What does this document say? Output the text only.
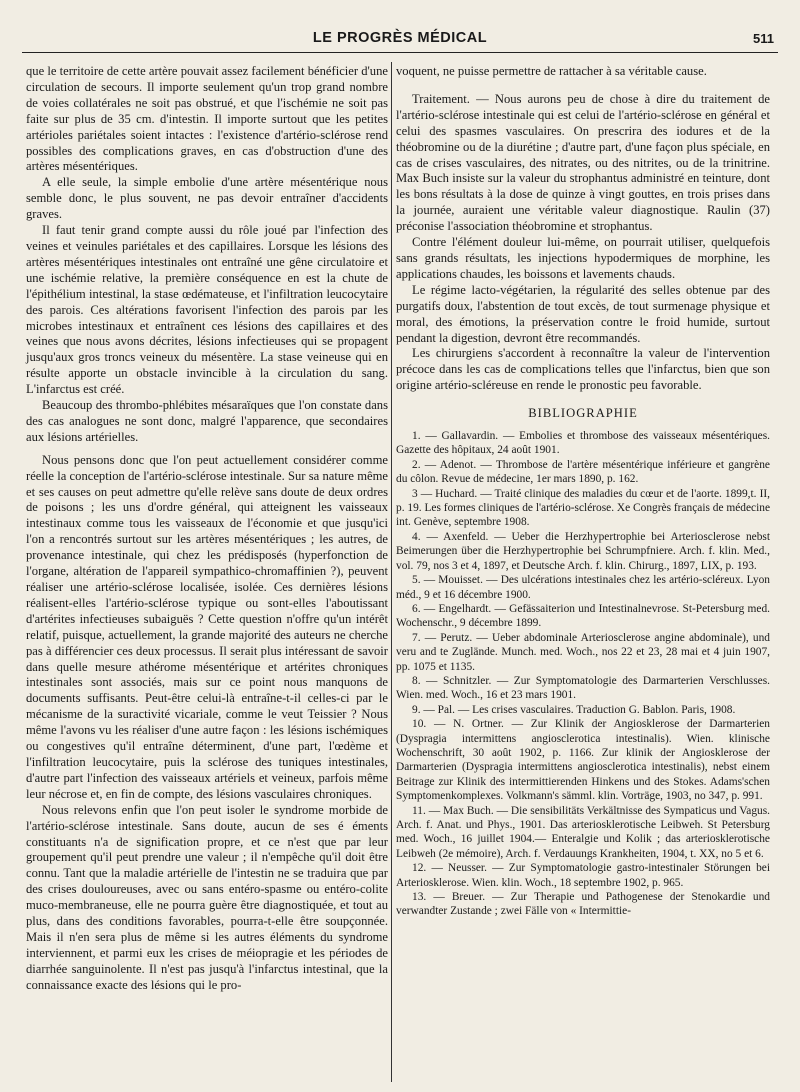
LE PROGRÈS MÉDICAL	511

que le territoire de cette artère pouvait assez facilement bénéficier d'une circulation de secours. Il importe seulement qu'un trop grand nombre de voies collatérales ne soit pas obstrué, et que l'ischémie ne soit pas faite sur plus de 35 cm. d'intestin. Il importe surtout que les petites artérioles pariétales soient intactes : l'existence d'artério-sclérose rend possibles des complications graves, en cas d'obstruction d'une des artères mésentériques.

A elle seule, la simple embolie d'une artère mésentérique nous semble donc, le plus souvent, ne pas devoir entraîner d'accidents graves.

Il faut tenir grand compte aussi du rôle joué par l'infection des veines et veinules pariétales et des capillaires. Lorsque les lésions des artères mésentériques intestinales ont entraîné une gêne circulatoire et une ischémie relative, la première conséquence en est la chute de l'épithélium intestinal, la stase œdémateuse, et l'infiltration leucocytaire des parois. Ces altérations favorisent l'infection des parois par les microbes intestinaux et entraînent ces lésions des capillaires et des veines que nous avons décrites, lésions infectieuses qui se propagent jusqu'aux gros troncs veineux du mésentère. La stase veineuse qui en résulte apporte un obstacle invincible à la circulation du sang. L'infarctus est créé.

Beaucoup des thrombo-phlébites mésaraïques que l'on constate dans des cas analogues ne sont donc, malgré l'apparence, que secondaires aux lésions artérielles.

Nous pensons donc que l'on peut actuellement considérer comme réelle la conception de l'artério-sclérose intestinale. Sur sa nature même et ses causes on peut admettre qu'elle relève sans doute de deux ordres de poisons ; les uns d'ordre général, qui atteignent les vaisseaux intestinaux comme tous les vaisseaux de l'économie et que jusqu'ici l'on a rencontrés surtout sur les artères mésentériques ; les autres, de provenance intestinale, qui chez les prédisposés (hyperfonction de l'organe, altération de l'appareil sympathico-chromaffinien ?), peuvent réaliser une artério-sclérose localisée, isolée. Ces dernières lésions réalisent-elles l'artério-sclérose typique ou sont-elles l'aboutissant d'artérites infectieuses subaiguës ? Cette question n'offre qu'un intérêt relatif, puisque, actuellement, la grande majorité des auteurs ne cherche pas à différencier ces deux processus. Il serait plus intéressant de savoir dans quelle mesure athérome mésentérique et artérites chroniques intestinales sont associés, mais sur ce point nous manquons de documents suffisants. Peut-être celui-là entraîne-t-il celles-ci par le mécanisme de la suractivité vicariale, comme le veut Teissier ? Nous même l'avons vu les réaliser d'une autre façon : les lésions ischémiques ou congestives qu'il entraîne déterminent, d'une part, l'œdème et l'infiltration leucocytaire, puis la sclérose des tuniques intestinales, d'autre part l'infection des vaisseaux artériels et veineux, parfois même leur nécrose et, en fin de compte, des lésions vasculaires chroniques.

Nous relevons enfin que l'on peut isoler le syndrome morbide de l'artério-sclérose intestinale. Sans doute, aucun de ses é éments constituants n'a de signification propre, et ce n'est que par leur groupement qu'il peut prendre une valeur ; il n'empêche qu'il doit être connu. Tant que la maladie artérielle de l'intestin ne se traduira que par des crises douloureuses, avec ou sans entéro-spasme ou entéro-colite muco-membraneuse, elle ne pourra guère être diagnostiquée, et tout au plus, dans des conditions favorables, pourra-t-elle être soupçonnée. Mais il n'en sera plus de même si les autres éléments du syndrome interviennent, et parmi eux les crises de méiopragie et les périodes de diarrhée sanguinolente. Il n'est pas jusqu'à l'infarctus intestinal, que la connaissance exacte des lésions qui le pro-

voquent, ne puisse permettre de rattacher à sa véritable cause.

Traitement. — Nous aurons peu de chose à dire du traitement de l'artério-sclérose intestinale qui est celui de l'artério-sclérose en général et celui des spasmes vasculaires. On prescrira des iodures et de la théobromine ou de la diurétine ; d'autre part, d'une façon plus spéciale, en cas de crises vasculaires, des nitrates, ou des nitrites, ou de la trinitrine. Max Buch insiste sur la valeur du strophantus administré en teinture, dont les bons résultats à la dose de quinze à vingt gouttes, en trois prises dans la journée, auraient une véritable valeur diagnostique. Raulin (37) préconise l'association théobromine et strophantus.

Contre l'élément douleur lui-même, on pourrait utiliser, quelquefois sans grands résultats, les injections hypodermiques de morphine, les applications chaudes, les boissons et lavements chauds.

Le régime lacto-végétarien, la régularité des selles obtenue par des purgatifs doux, l'abstention de tout excès, de tout surmenage physique et moral, des émotions, la préservation contre le froid humide, surtout pendant la digestion, devront être recommandés.

Les chirurgiens s'accordent à reconnaître la valeur de l'intervention précoce dans les cas de complications telles que l'infarctus, bien que son origine artério-scléreuse en rende le pronostic peu favorable.

BIBLIOGRAPHIE

1. — Gallavardin. — Embolies et thrombose des vaisseaux mésentériques. Gazette des hôpitaux, 24 août 1901.

2. — Adenot. — Thrombose de l'artère mésentérique inférieure et gangrène du côlon. Revue de médecine, 1er mars 1890, p. 162.

3 — Huchard. — Traité clinique des maladies du cœur et de l'aorte. 1899,t. II, p. 19. Les formes cliniques de l'artério-sclérose. Xe Congrès français de médecine int. Genève, septembre 1908.

4. — Axenfeld. — Ueber die Herzhypertrophie bei Arteriosclerose nebst Beimerungen über die Herzhypertrophie bei Schrumpfniere. Arch. f. klin. Med., vol. 79, nos 3 et 4, 1897, et Deutsche Arch. f. klin. Chirurg., 1897, LIX, p. 193.

5. — Mouisset. — Des ulcérations intestinales chez les artério-scléreux. Lyon méd., 9 et 16 décembre 1900.

6. — Engelhardt. — Gefässaiterion und Intestinalnevrose. St-Petersburg med. Wochenschr., 9 décembre 1899.

7. — Perutz. — Ueber abdominale Arteriosclerose angine abdominale), und veru and te Zuglände. Munch. med. Woch., nos 22 et 23, 28 mai et 4 juin 1907, pp. 1075 et 1135.

8. — Schnitzler. — Zur Symptomatologie des Darmarterien Verschlusses. Wien. med. Woch., 16 et 23 mars 1901.

9. — Pal. — Les crises vasculaires. Traduction G. Bablon. Paris, 1908.

10. — N. Ortner. — Zur Klinik der Angiosklerose der Darmarterien (Dyspragia intermittens angiosclerotica intestinalis). Wien. klinische Wochenschrift, 30 août 1902, p. 1166. Zur klinik der Angiosklerose der Darmarterien (Dyspragia intermittens angiosclerotica intestinalis), nebst einem Beitrage zur Klinik des intermittierenden Hinkens und des Stokes. Adams'schen Symptomenkomplexes. Volkmann's sämml. klin. Vorträge, 1903, no 347, p. 991.

11. — Max Buch. — Die sensibilitäts Verkältnisse des Sympaticus und Vagus. Arch. f. Anat. und Phys., 1901. Das arteriosklerotische Leibweh. St Petersburg med. Woch., 16 juillet 1904.— Enteralgie und Kolik ; das arteriosklerotische Leibweh (2e mémoire), Arch. f. Verdauungs Krankheiten, 1904, t. XX, no 5 et 6.

12. — Neusser. — Zur Symptomatologie gastro-intestinaler Störungen bei Arteriosklerose. Wien. klin. Woch., 18 septembre 1902, p. 965.

13. — Breuer. — Zur Therapie und Pathogenese der Stenokardie und verwandter Zustande ; zwei Fälle von « Intermittie-
